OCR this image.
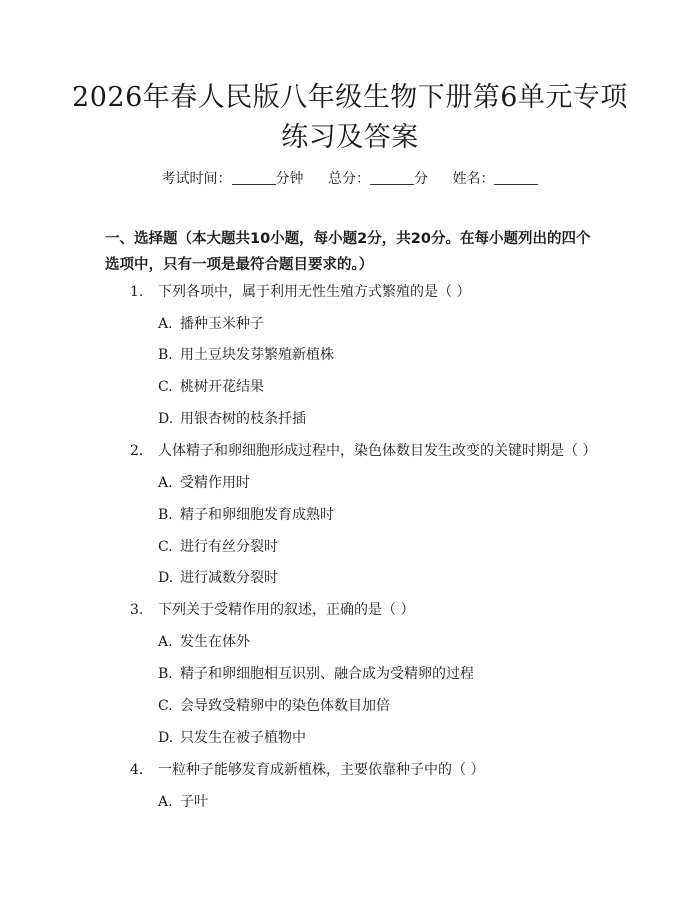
2026年春人民版八年级生物下册第6单元专项练习及答案
考试时间：	分钟 总分：	分 姓名：
一、选择题（本大题共10小题，每小题2分，共20分。在每小题列出的四个选项中，只有一项是最符合题目要求的。）
1. 下列各项中，属于利用无性生殖方式繁殖的是（ ）
A. 播种玉米种子
B. 用土豆块发芽繁殖新植株
C. 桃树开花结果
D. 用银杏树的枝条扦插
2. 人体精子和卵细胞形成过程中，染色体数目发生改变的关键时期是（ ）
A. 受精作用时
B. 精子和卵细胞发育成熟时
C. 进行有丝分裂时
D. 进行减数分裂时
3. 下列关于受精作用的叙述，正确的是（ ）
A. 发生在体外
B. 精子和卵细胞相互识别、融合成为受精卵的过程
C. 会导致受精卵中的染色体数目加倍
D. 只发生在被子植物中
4. 一粒种子能够发育成新植株，主要依靠种子中的（ ）
A. 子叶
